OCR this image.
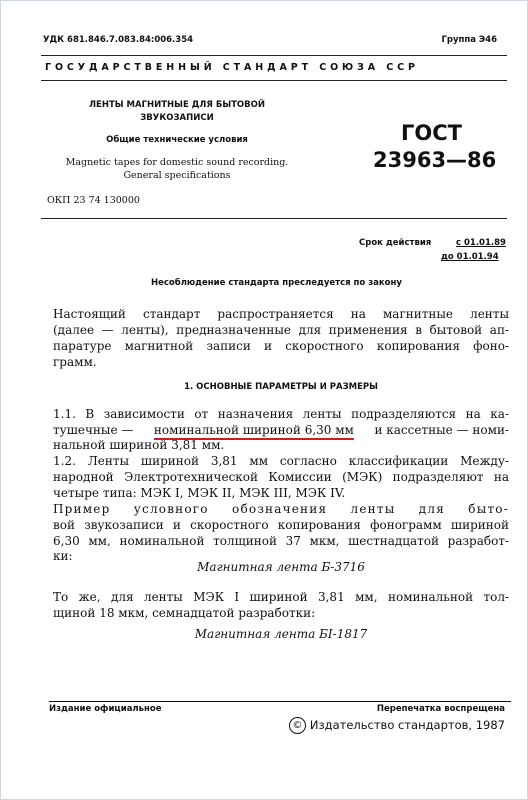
УДК 681.846.7.083.84:006.354	Группа Э46
ГОСУДАРСТВЕННЫЙ СТАНДАРТ СОЮЗА ССР
ЛЕНТЫ МАГНИТНЫЕ ДЛЯ БЫТОВОЙ
ЗВУКОЗАПИСИ
Общие технические условия
Magnetic tapes for domestic sound recording.
General specifications
ГОСТ
23963—86
ОКП 23 74 130000
Срок действия	с 01.01.89
до 01.01.94
Несоблюдение стандарта преследуется по закону
Настоящий стандарт распространяется на магнитные ленты
(далее — ленты), предназначенные для применения в бытовой ап-
паратуре магнитной записи и скоростного копирования фоно-
грамм.
1. ОСНОВНЫЕ ПАРАМЕТРЫ И РАЗМЕРЫ
1.1. В зависимости от назначения ленты подразделяются на ка-
тушечные — номинальной шириной 6,30 мм и кассетные — номи-
нальной шириной 3,81 мм.
1.2. Ленты шириной 3,81 мм согласно классификации Между-
народной Электротехнической Комиссии (МЭК) подразделяют на
четыре типа: МЭК I, МЭК II, МЭК III, МЭК IV.
Пример условного обозначения ленты для быто-
вой звукозаписи и скоростного копирования фонограмм шириной
6,30 мм, номинальной толщиной 37 мкм, шестнадцатой разработ-
ки:
Магнитная лента Б-3716
То же, для ленты МЭК I шириной 3,81 мм, номинальной тол-
щиной 18 мкм, семнадцатой разработки:
Магнитная лента БI-1817
Издание официальное	Перепечатка воспрещена
© Издательство стандартов, 1987
